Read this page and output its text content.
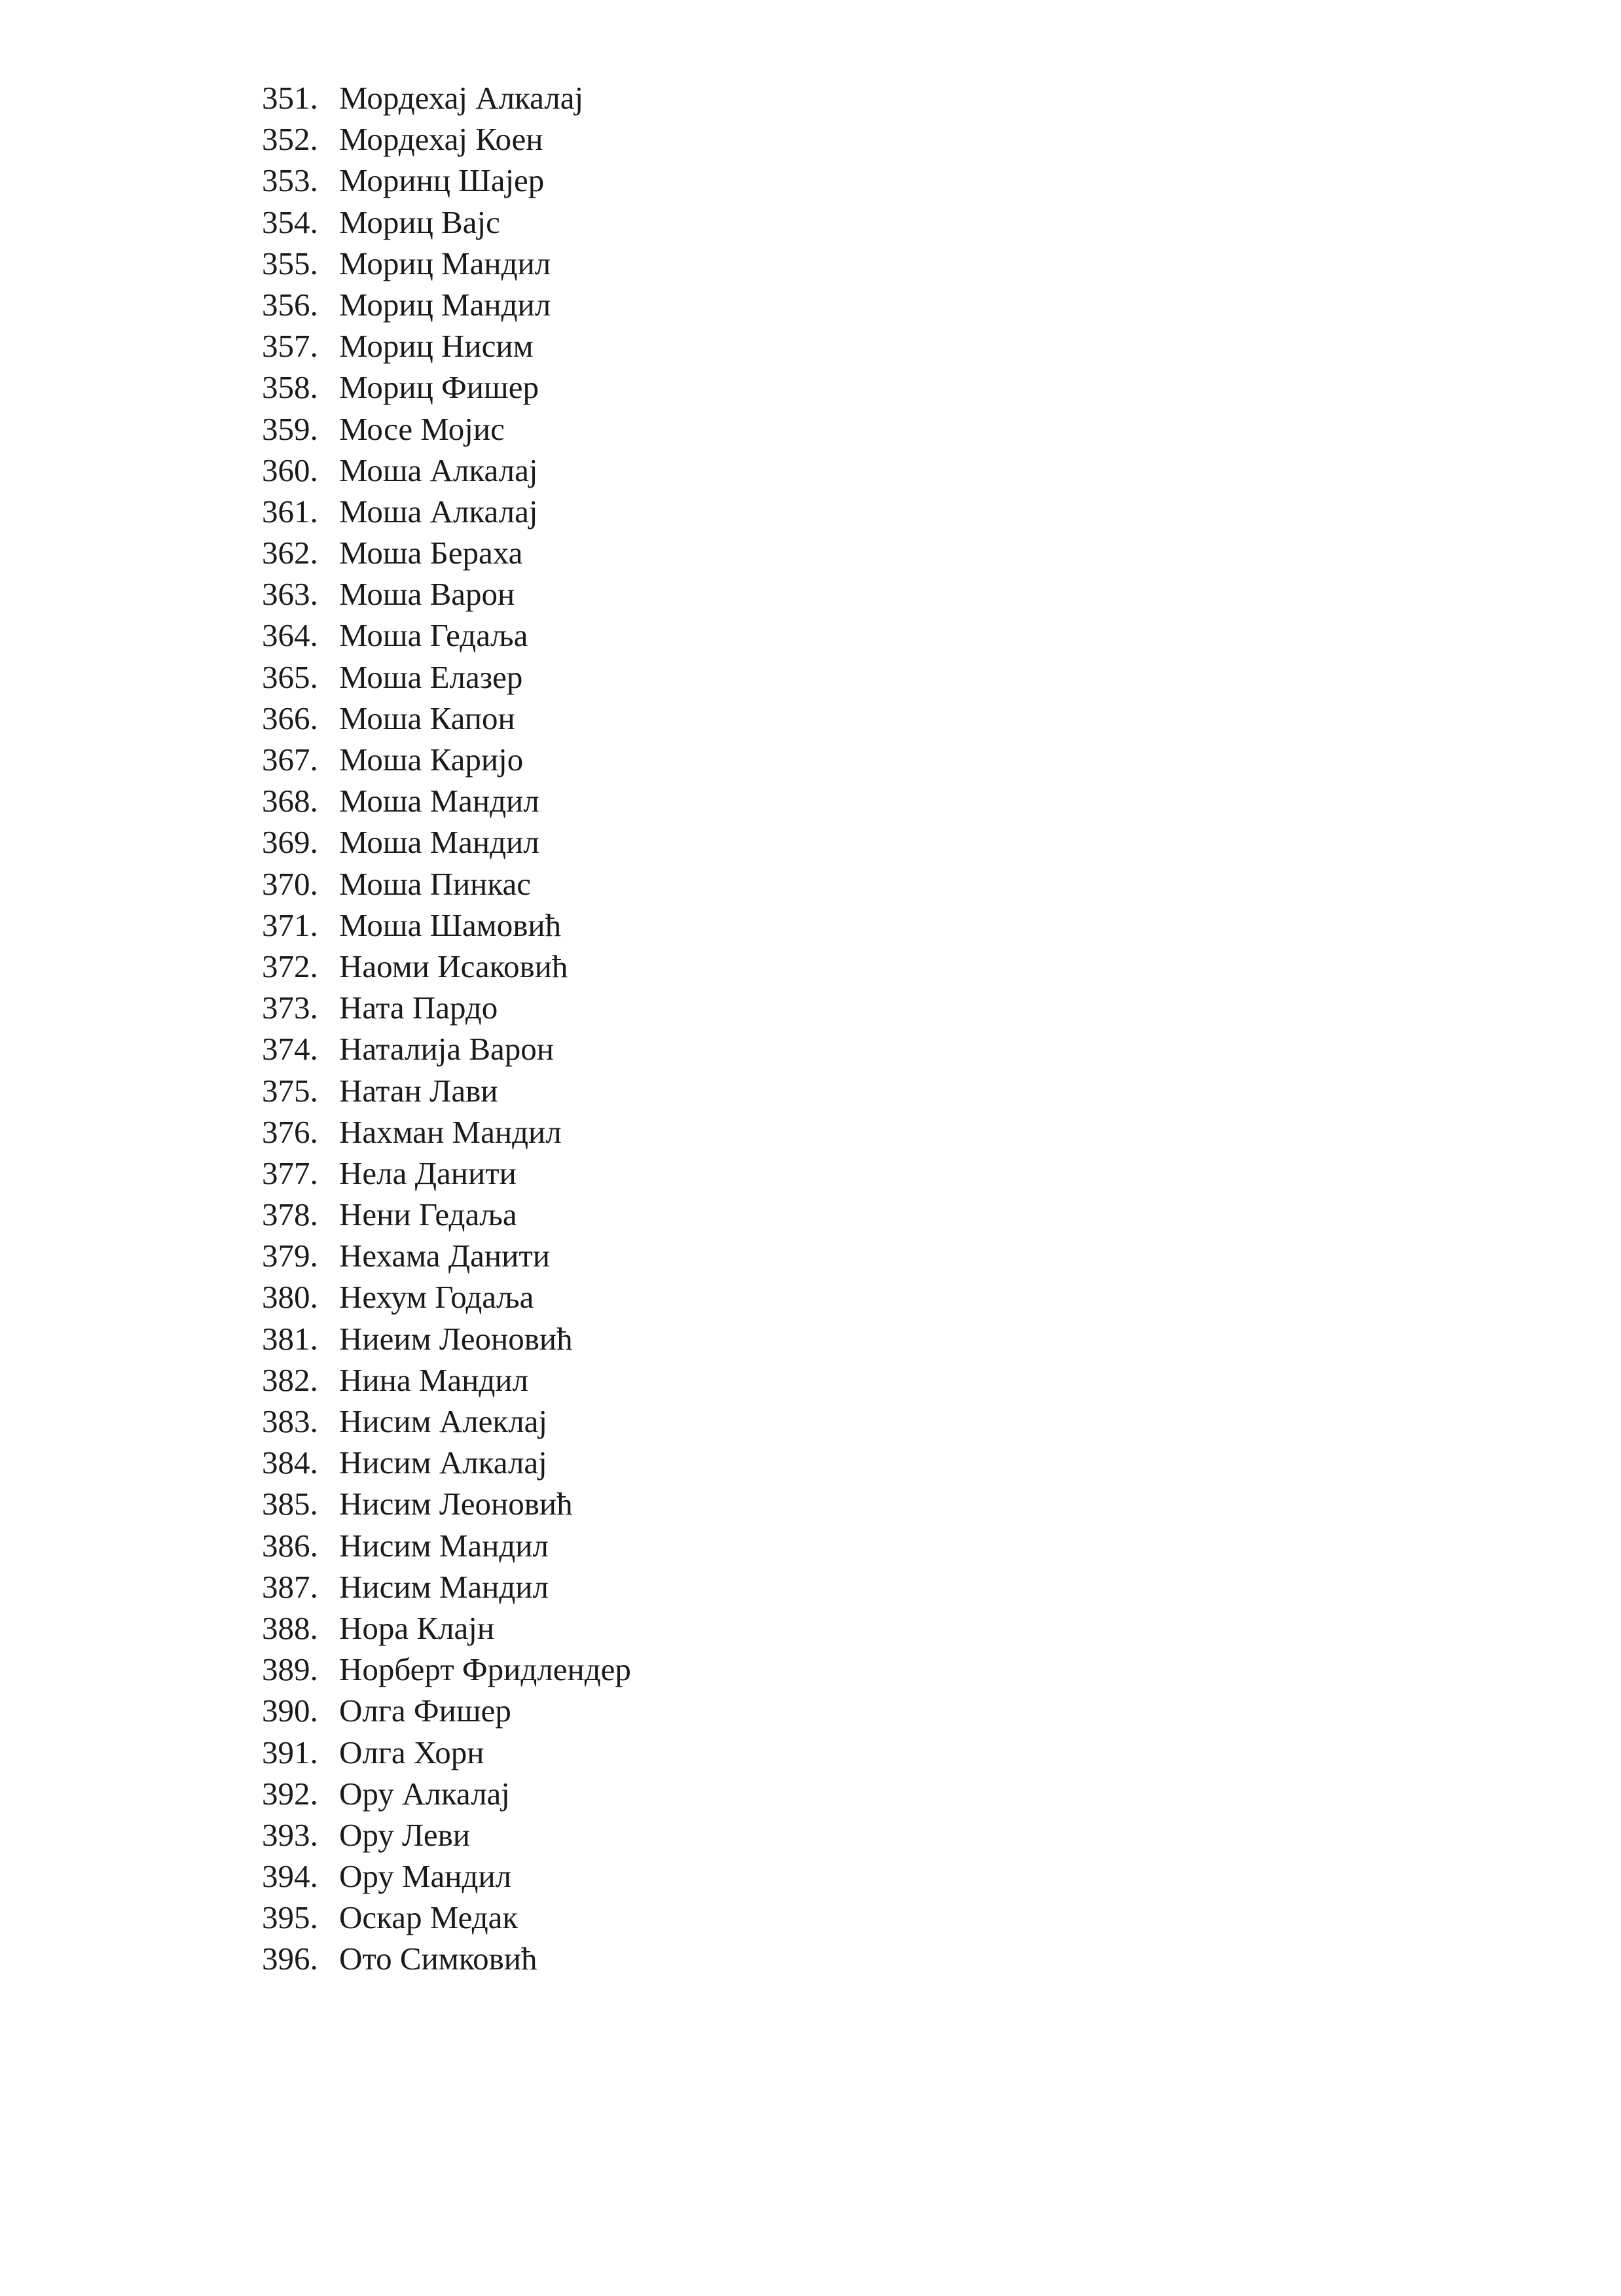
351. Мордехај Алкалај
352. Мордехај Коен
353. Моринц Шајер
354. Мориц Вајс
355. Мориц Мандил
356. Мориц Мандил
357. Мориц Нисим
358. Мориц Фишер
359. Мосе Мојис
360. Моша Алкалај
361. Моша Алкалај
362. Моша Бераха
363. Моша Варон
364. Моша Гедаља
365. Моша Елазер
366. Моша Капон
367. Моша Каријо
368. Моша Мандил
369. Моша Мандил
370. Моша Пинкас
371. Моша Шамовић
372. Наоми Исаковић
373. Ната Пардо
374. Наталија Варон
375. Натан Лави
376. Нахман Мандил
377. Нела Данити
378. Нени Гедаља
379. Нехама Данити
380. Нехум Годаља
381. Ниеим Леоновић
382. Нина Мандил
383. Нисим Алеклај
384. Нисим Алкалај
385. Нисим Леоновић
386. Нисим Мандил
387. Нисим Мандил
388. Нора Клајн
389. Норберт Фридлендер
390. Олга Фишер
391. Олга Хорн
392. Ору Алкалај
393. Ору Леви
394. Ору Мандил
395. Оскар Медак
396. Ото Симковић
